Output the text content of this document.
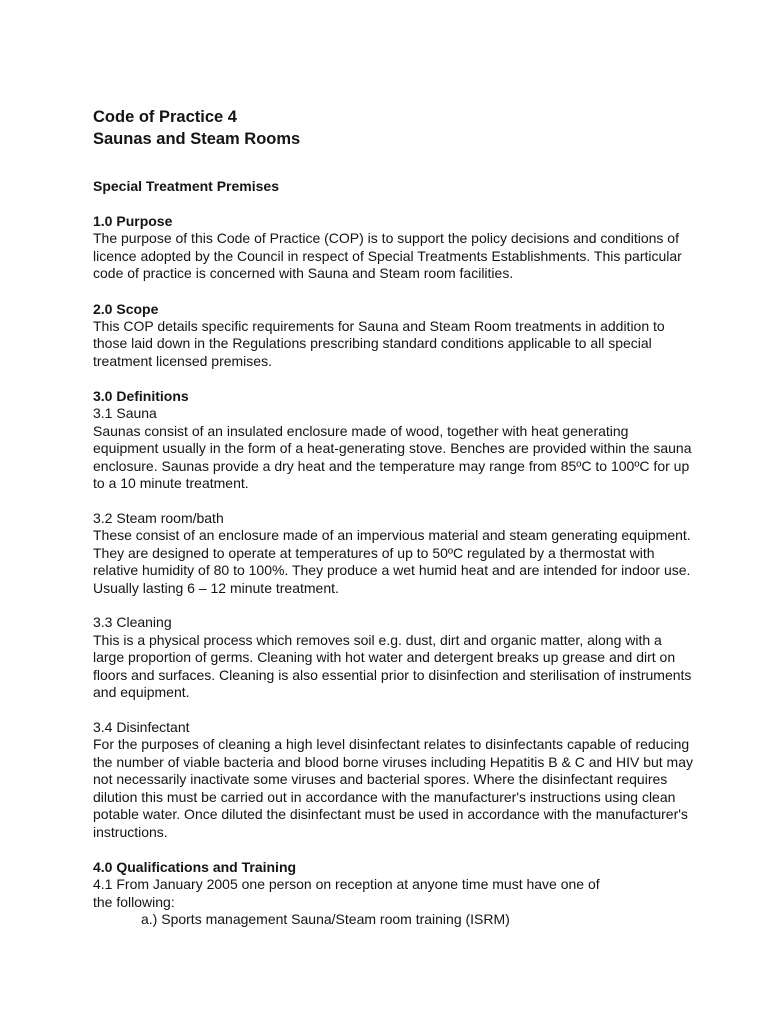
Code of Practice 4
Saunas and Steam Rooms
Special Treatment Premises
1.0 Purpose

The purpose of this Code of Practice (COP) is to support the policy decisions and conditions of licence adopted by the Council in respect of Special Treatments Establishments. This particular code of practice is concerned with Sauna and Steam room facilities.

2.0 Scope

This COP details specific requirements for Sauna and Steam Room treatments in addition to those laid down in the Regulations prescribing standard conditions applicable to all special treatment licensed premises.

3.0 Definitions
3.1 Sauna

Saunas consist of an insulated enclosure made of wood, together with heat generating equipment usually in the form of a heat-generating stove. Benches are provided within the sauna enclosure. Saunas provide a dry heat and the temperature may range from 85ºC to 100ºC for up to a 10 minute treatment.

3.2 Steam room/bath

These consist of an enclosure made of an impervious material and steam generating equipment. They are designed to operate at temperatures of up to 50ºC regulated by a thermostat with relative humidity of 80 to 100%. They produce a wet humid heat and are intended for indoor use. Usually lasting 6 – 12 minute treatment.

3.3 Cleaning

This is a physical process which removes soil e.g. dust, dirt and organic matter, along with a large proportion of germs. Cleaning with hot water and detergent breaks up grease and dirt on floors and surfaces. Cleaning is also essential prior to disinfection and sterilisation of instruments and equipment.

3.4 Disinfectant

For the purposes of cleaning a high level disinfectant relates to disinfectants capable of reducing the number of viable bacteria and blood borne viruses including Hepatitis B & C and HIV but may not necessarily inactivate some viruses and bacterial spores. Where the disinfectant requires dilution this must be carried out in accordance with the manufacturer's instructions using clean potable water. Once diluted the disinfectant must be used in accordance with the manufacturer's instructions.

4.0 Qualifications and Training

4.1 From January 2005 one person on reception at anyone time must have one of

the following:

a.) Sports management Sauna/Steam room training (ISRM)
